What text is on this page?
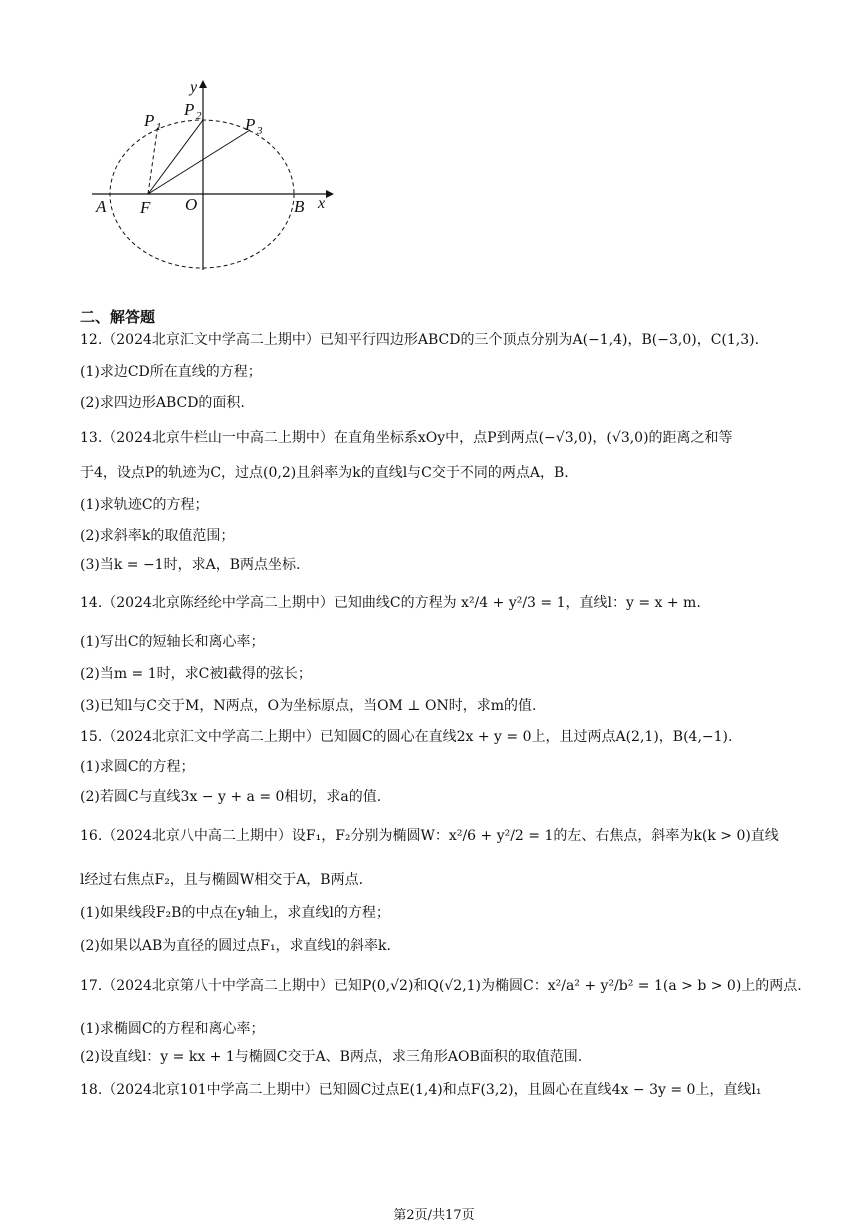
y
x
P 1
P 2	P 3
A F O	B
二、解答题
12.（2024北京汇文中学高二上期中）已知平行四边形ABCD的三个顶点分别为A(−1,4)，B(−3,0)，C(1,3).
(1)求边CD所在直线的方程；
(2)求四边形ABCD的面积.
13.（2024北京牛栏山一中高二上期中）在直角坐标系xOy中，点P到两点(−√3,0)，(√3,0)的距离之和等
于4，设点P的轨迹为C，过点(0,2)且斜率为k的直线l与C交于不同的两点A，B.
(1)求轨迹C的方程；
(2)求斜率k的取值范围；
(3)当k = −1时，求A，B两点坐标.
14.（2024北京陈经纶中学高二上期中）已知曲线C的方程为 x²/4 + y²/3 = 1，直线l：y = x + m.
(1)写出C的短轴长和离心率；
(2)当m = 1时，求C被l截得的弦长；
(3)已知l与C交于M，N两点，O为坐标原点，当OM ⊥ ON时，求m的值.
15.（2024北京汇文中学高二上期中）已知圆C的圆心在直线2x + y = 0上，且过两点A(2,1)，B(4,−1).
(1)求圆C的方程；
(2)若圆C与直线3x − y + a = 0相切，求a的值.
16.（2024北京八中高二上期中）设F₁，F₂分别为椭圆W：x²/6 + y²/2 = 1的左、右焦点，斜率为k(k > 0)直线
l经过右焦点F₂，且与椭圆W相交于A，B两点.
(1)如果线段F₂B的中点在y轴上，求直线l的方程；
(2)如果以AB为直径的圆过点F₁，求直线l的斜率k.
17.（2024北京第八十中学高二上期中）已知P(0,√2)和Q(√2,1)为椭圆C：x²/a² + y²/b² = 1(a > b > 0)上的两点.
(1)求椭圆C的方程和离心率；
(2)设直线l：y = kx + 1与椭圆C交于A、B两点，求三角形AOB面积的取值范围.
18.（2024北京101中学高二上期中）已知圆C过点E(1,4)和点F(3,2)，且圆心在直线4x − 3y = 0上，直线l₁
第2页/共17页
